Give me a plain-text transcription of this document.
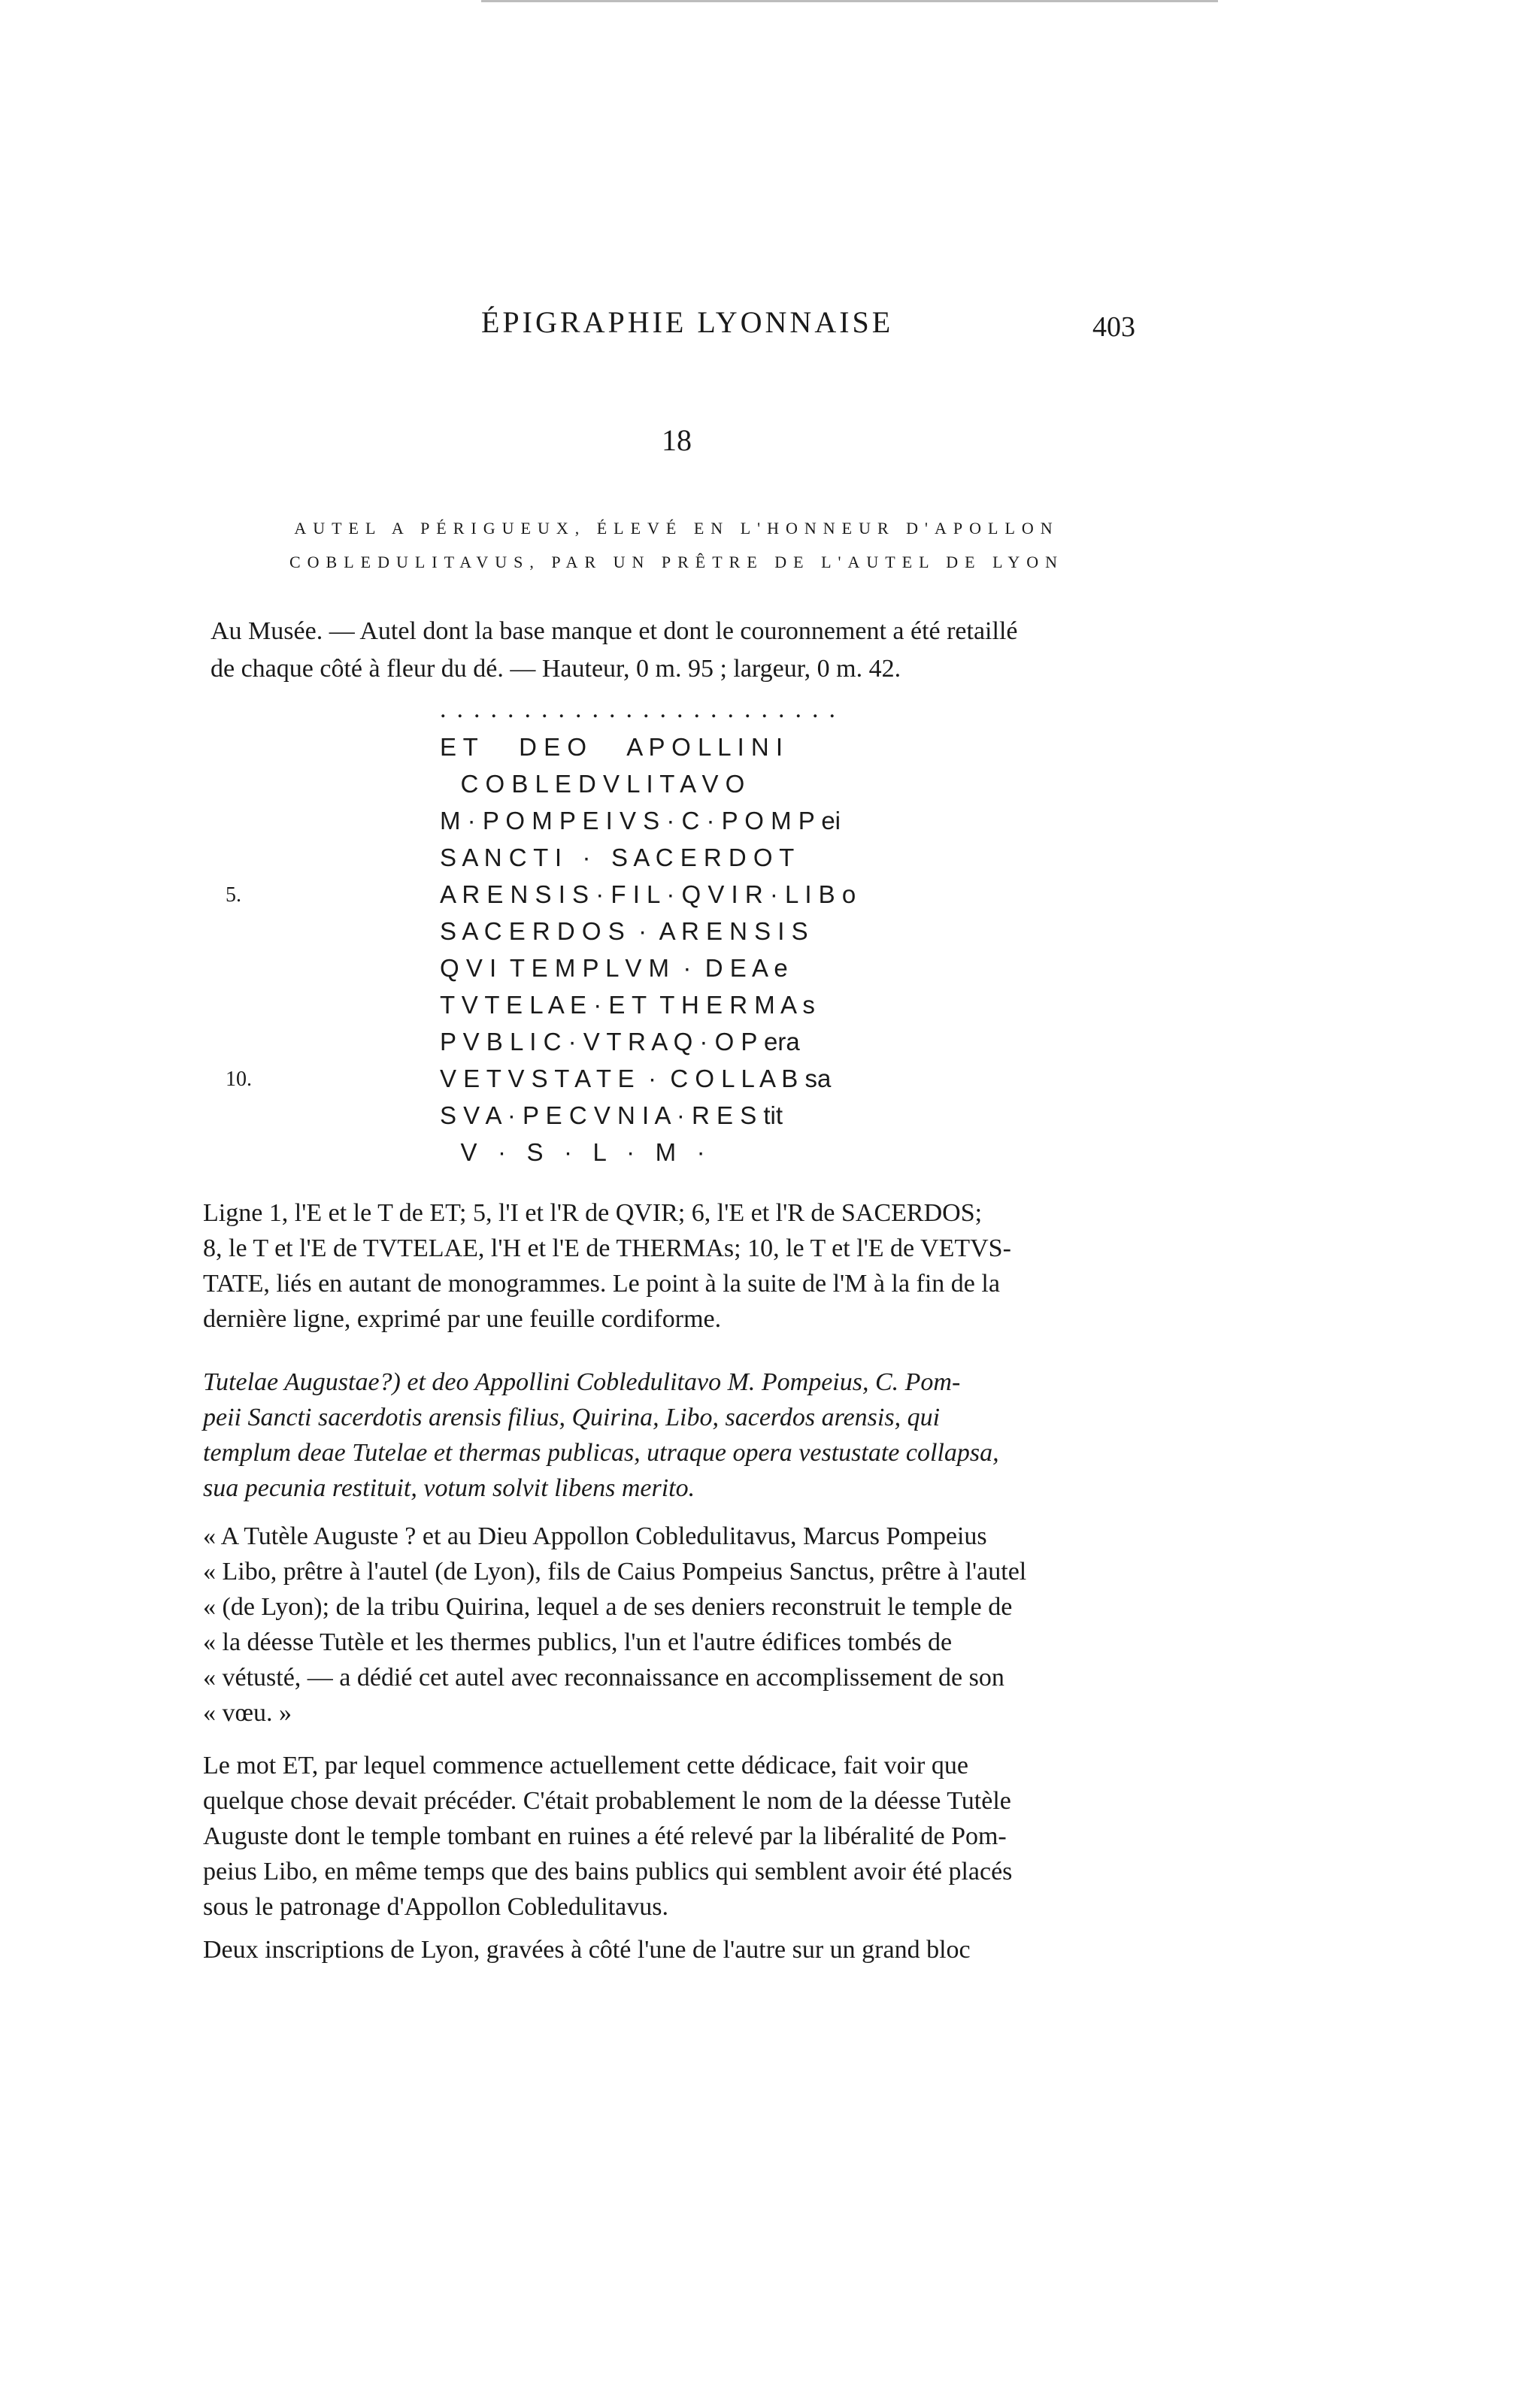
ÉPIGRAPHIE LYONNAISE	403
18
AUTEL A PÉRIGUEUX, ÉLEVÉ EN L'HONNEUR D'APOLLON
COBLEDULITAVUS, PAR UN PRÊTRE DE L'AUTEL DE LYON

Au Musée. — Autel dont la base manque et dont le couronnement a été retaillé
de chaque côté à fleur du dé. — Hauteur, 0 m. 95 ; largeur, 0 m. 42.

........................
E T      D E O      A P O L L I N I
C O B L E D V L I T A V O
M · P O M P E I V S · C · P O M P ei
S A N C T I   ·   S A C E R D O T
5.	A R E N S I S · F I L · Q V I R · L I B o
S A C E R D O S  ·  A R E N S I S
Q V I  T E M P L V M  ·  D E A e
T V T E L A E · E T  T H E R M A s
P V B L I C · V T R A Q · O P era
10.	V E T V S T A T E  ·  C O L L A B sa
S V A · P E C V N I A · R E S tit
V   ·   S   ·   L   ·   M   ·

Ligne 1, l'E et le T de ET; 5, l'I et l'R de QVIR; 6, l'E et l'R de SACERDOS;
8, le T et l'E de TVTELAE, l'H et l'E de THERMAs; 10, le T et l'E de VETVS-
TATE, liés en autant de monogrammes. Le point à la suite de l'M à la fin de la
dernière ligne, exprimé par une feuille cordiforme.

Tutelae Augustae?) et deo Appollini Cobledulitavo M. Pompeius, C. Pom-
peii Sancti sacerdotis arensis filius, Quirina, Libo, sacerdos arensis, qui
templum deae Tutelae et thermas publicas, utraque opera vestustate collapsa,
sua pecunia restituit, votum solvit libens merito.

« A Tutèle Auguste ? et au Dieu Appollon Cobledulitavus, Marcus Pompeius
« Libo, prêtre à l'autel (de Lyon), fils de Caius Pompeius Sanctus, prêtre à l'autel
« (de Lyon); de la tribu Quirina, lequel a de ses deniers reconstruit le temple de
« la déesse Tutèle et les thermes publics, l'un et l'autre édifices tombés de
« vétusté, — a dédié cet autel avec reconnaissance en accomplissement de son
« vœu. »

Le mot ET, par lequel commence actuellement cette dédicace, fait voir que
quelque chose devait précéder. C'était probablement le nom de la déesse Tutèle
Auguste dont le temple tombant en ruines a été relevé par la libéralité de Pom-
peius Libo, en même temps que des bains publics qui semblent avoir été placés
sous le patronage d'Appollon Cobledulitavus.

Deux inscriptions de Lyon, gravées à côté l'une de l'autre sur un grand bloc
